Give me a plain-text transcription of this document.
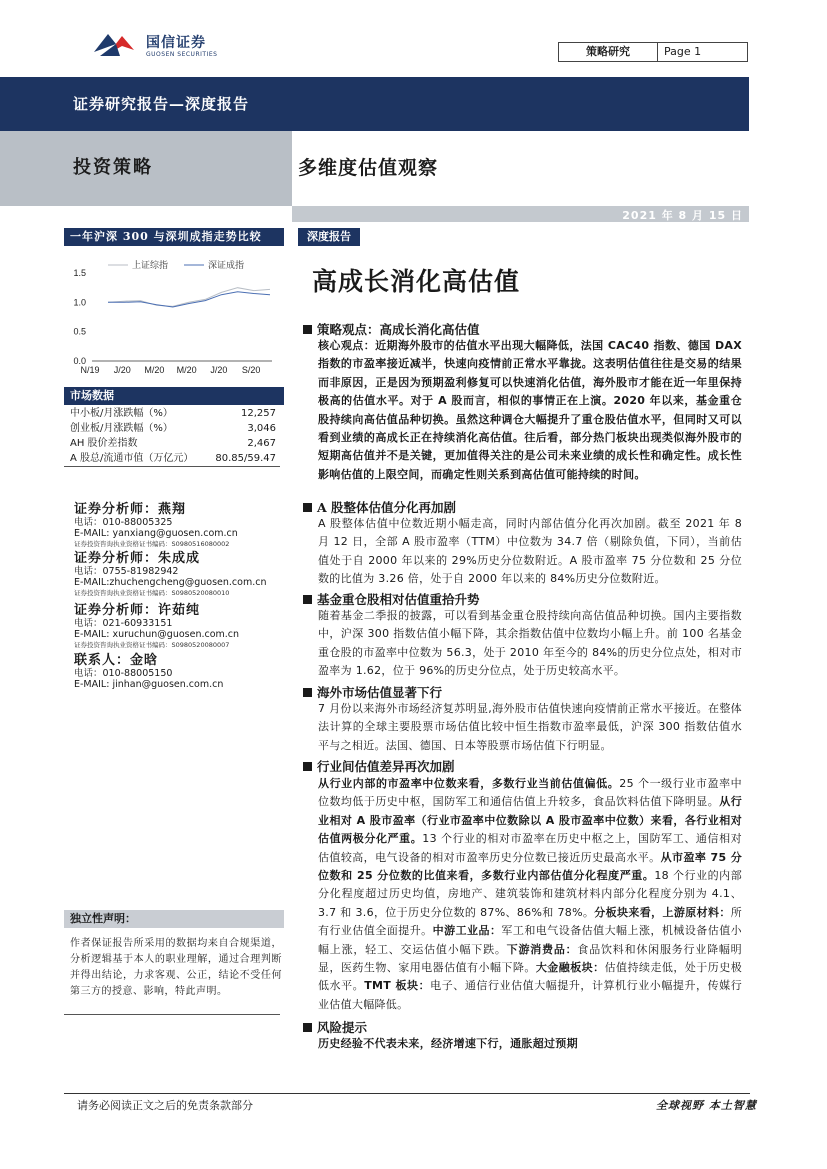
国信证券
GUOSEN SECURITIES	策略研究	Page 1
证券研究报告—深度报告
投资策略	多维度估值观察
2021 年 8 月 15 日
一年沪深 300 与深圳成指走势比较
1.5
1.0
0.5
0.0
N/19 J/20 M/20 M/20 J/20 S/20
上证综指	深证成指
市场数据
中小板/月涨跌幅（%）	12,257
创业板/月涨跌幅（%）	3,046
AH 股价差指数	2,467
A 股总/流通市值（万亿元） 80.85/59.47
证券分析师：燕翔
电话：010-88005325
E-MAIL: yanxiang@guosen.com.cn
证券投资咨询执业资格证书编码：S0980516080002
证券分析师：朱成成
电话：0755-81982942
E-MAIL:zhuchengcheng@guosen.com.cn
证券投资咨询执业资格证书编码：S0980520080010
证券分析师：许茹纯
电话：021-60933151
E-MAIL: xuruchun@guosen.com.cn
证券投资咨询执业资格证书编码：S0980520080007
联系人：金晗
电话：010-88005150
E-MAIL: jinhan@guosen.com.cn
独立性声明：
作者保证报告所采用的数据均来自合规渠道，分析逻辑基于本人的职业理解，通过合理判断并得出结论，力求客观、公正，结论不受任何第三方的授意、影响，特此声明。
深度报告
高成长消化高估值
策略观点：高成长消化高估值
核心观点：近期海外股市的估值水平出现大幅降低，法国 CAC40 指数、德国 DAX 指数的市盈率接近减半，快速向疫情前正常水平靠拢。这表明估值往往是交易的结果而非原因，正是因为预期盈利修复可以快速消化估值，海外股市才能在近一年里保持极高的估值水平。对于 A 股而言，相似的事情正在上演。2020 年以来，基金重仓股持续向高估值品种切换。虽然这种调仓大幅提升了重仓股估值水平，但同时又可以看到业绩的高成长正在持续消化高估值。往后看，部分热门板块出现类似海外股市的短期高估值并不是关键，更加值得关注的是公司未来业绩的成长性和确定性。成长性影响估值的上限空间，而确定性则关系到高估值可能持续的时间。
A 股整体估值分化再加剧
A 股整体估值中位数近期小幅走高，同时内部估值分化再次加剧。截至 2021 年 8 月 12 日，全部 A 股市盈率（TTM）中位数为 34.7 倍（剔除负值，下同），当前估值处于自 2000 年以来的 29%历史分位数附近。A 股市盈率 75 分位数和 25 分位数的比值为 3.26 倍，处于自 2000 年以来的 84%历史分位数附近。
基金重仓股相对估值重拾升势
随着基金二季报的披露，可以看到基金重仓股持续向高估值品种切换。国内主要指数中，沪深 300 指数估值小幅下降，其余指数估值中位数均小幅上升。前 100 名基金重仓股的市盈率中位数为 56.3，处于 2010 年至今的 84%的历史分位点处，相对市盈率为 1.62，位于 96%的历史分位点，处于历史较高水平。
海外市场估值显著下行
7 月份以来海外市场经济复苏明显,海外股市估值快速向疫情前正常水平接近。在整体法计算的全球主要股票市场估值比较中恒生指数市盈率最低，沪深 300 指数估值水平与之相近。法国、德国、日本等股票市场估值下行明显。
行业间估值差异再次加剧
从行业内部的市盈率中位数来看，多数行业当前估值偏低。25 个一级行业市盈率中位数均低于历史中枢，国防军工和通信估值上升较多，食品饮料估值下降明显。从行业相对 A 股市盈率（行业市盈率中位数除以 A 股市盈率中位数）来看，各行业相对估值两极分化严重。13 个行业的相对市盈率在历史中枢之上，国防军工、通信相对估值较高，电气设备的相对市盈率历史分位数已接近历史最高水平。从市盈率 75 分位数和 25 分位数的比值来看，多数行业内部估值分化程度严重。18 个行业的内部分化程度超过历史均值，房地产、建筑装饰和建筑材料内部分化程度分别为 4.1、3.7 和 3.6，位于历史分位数的 87%、86%和 78%。分板块来看，上游原材料：所有行业估值全面提升。中游工业品：军工和电气设备估值大幅上涨，机械设备估值小幅上涨，轻工、交运估值小幅下跌。下游消费品：食品饮料和休闲服务行业降幅明显，医药生物、家用电器估值有小幅下降。大金融板块：估值持续走低，处于历史极低水平。TMT 板块：电子、通信行业估值大幅提升，计算机行业小幅提升，传媒行业估值大幅降低。
风险提示
历史经验不代表未来，经济增速下行，通胀超过预期
请务必阅读正文之后的免责条款部分	全球视野 本土智慧
